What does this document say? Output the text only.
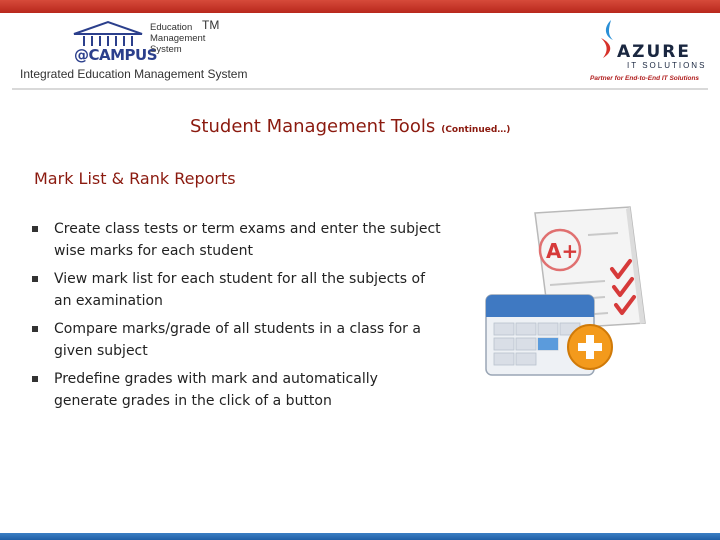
@CAMPUS
Education
Management
System
TM
Integrated Education Management System
AZURE
IT SOLUTIONS
Partner for End-to-End IT Solutions
Student Management Tools (Continued…)
Mark List & Rank Reports
Create class tests or term exams and enter the subject wise marks for each student
View mark list for each student for all the subjects of an examination
Compare marks/grade of all students in a class for a given subject
Predefine grades with mark and automatically generate grades in the click of a button
A+
